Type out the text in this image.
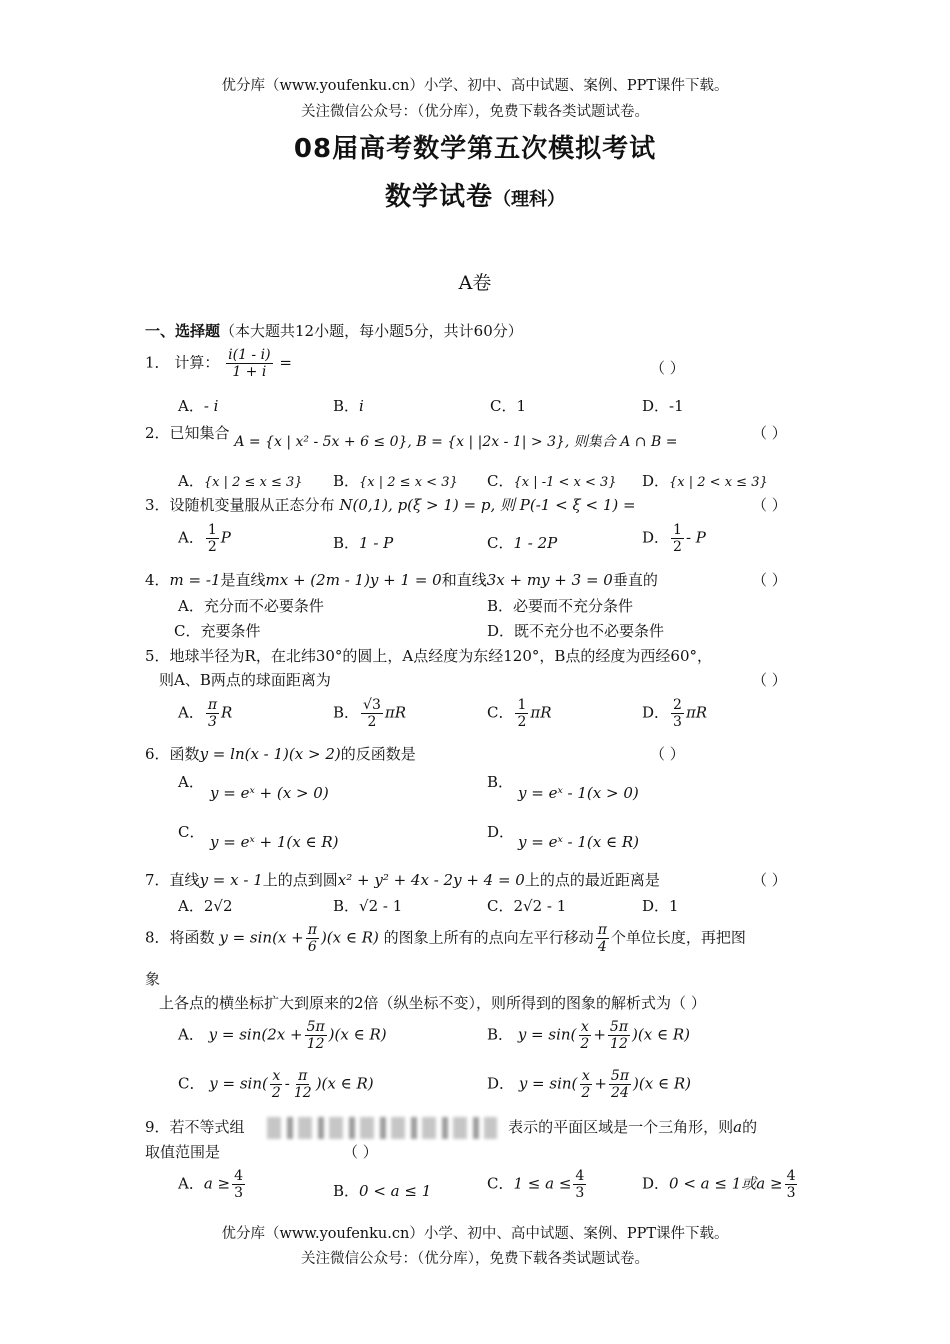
优分库（www.youfenku.cn）小学、初中、高中试题、案例、PPT课件下载。
关注微信公众号：（优分库），免费下载各类试题试卷。
08届高考数学第五次模拟考试
数学试卷（理科）
A卷
一、选择题（本大题共12小题，每小题5分，共计60分）
1． 计算： $\frac{i(1 - i)}{1 + i}$ =	（ ）
A．- i	B．i	C．1	D．-1
2．已知集合 A = {x | x² - 5x + 6 ≤ 0}, B = {x | |2x - 1| > 3}, 则集合 A ∩ B =	（ ）
A．{x | 2 ≤ x ≤ 3} B．{x | 2 ≤ x < 3} C．{x | -1 < x < 3} D．{x | 2 < x ≤ 3}
3．设随机变量服从正态分布 N(0,1), p(ξ > 1) = p, 则 P(-1 < ξ < 1) =	（ ）
A． $\frac{1}{2}$ P	B．1 - P	C．1 - 2P	D． $\frac{1}{2}$ - P
4．m = -1是直线mx + (2m - 1)y + 1 = 0和直线3x + my + 3 = 0垂直的	（ ）
A．充分而不必要条件	B．必要而不充分条件
C．充要条件	D．既不充分也不必要条件
5．地球半径为R，在北纬30°的圆上，A点经度为东经120°，B点的经度为西经60°，
则A、B两点的球面距离为	（ ）
A． $\frac{\pi}{3}$ R	B． $\frac{√3}{2}$ πR	C． $\frac{1}{2}$ πR	D． $\frac{2}{3}$ πR
6．函数y = ln(x - 1)(x > 2)的反函数是	（ ）
A．
y = eˣ + (x > 0)
B．
y = eˣ - 1(x > 0)
C．
y = eˣ + 1(x ∈ R)
D．
y = eˣ - 1(x ∈ R)
7．直线y = x - 1上的点到圆x² + y² + 4x - 2y + 4 = 0上的点的最近距离是	（ ）
A．2√2	B．√2 - 1	C．2√2 - 1	D．1
8．将函数 $y = \sin(x + \frac{\pi}{6} )(x$ ∈ R) 的图象上所有的点向左平行移动 $\frac{\pi}{4}$ 个单位长度，再把图
象
上各点的横坐标扩大到原来的2倍（纵坐标不变），则所得到的图象的解析式为（ ）
A． $y = \sin(2x + \frac{5\pi}{12} )(x$ ∈ R)	B． $y = \sin( \frac{x}{2} + \frac{5\pi}{12} )(x$ ∈ R)
C． $y = \sin( \frac{x}{2} - \frac{\pi}{12} )(x$ ∈ R)	D． $y = \sin( \frac{x}{2} + \frac{5\pi}{24} )(x$ ∈ R)
9．若不等式组	表示的平面区域是一个三角形，则a的
取值范围是	（ ）
A．$a \ge \frac{4}{3}$	B．0 < a ≤ 1	C．$1 \le a \le \frac{4}{3}$	D．0 < a ≤ 1或$a \ge \frac{4}{3}$
优分库（www.youfenku.cn）小学、初中、高中试题、案例、PPT课件下载。
关注微信公众号：（优分库），免费下载各类试题试卷。
